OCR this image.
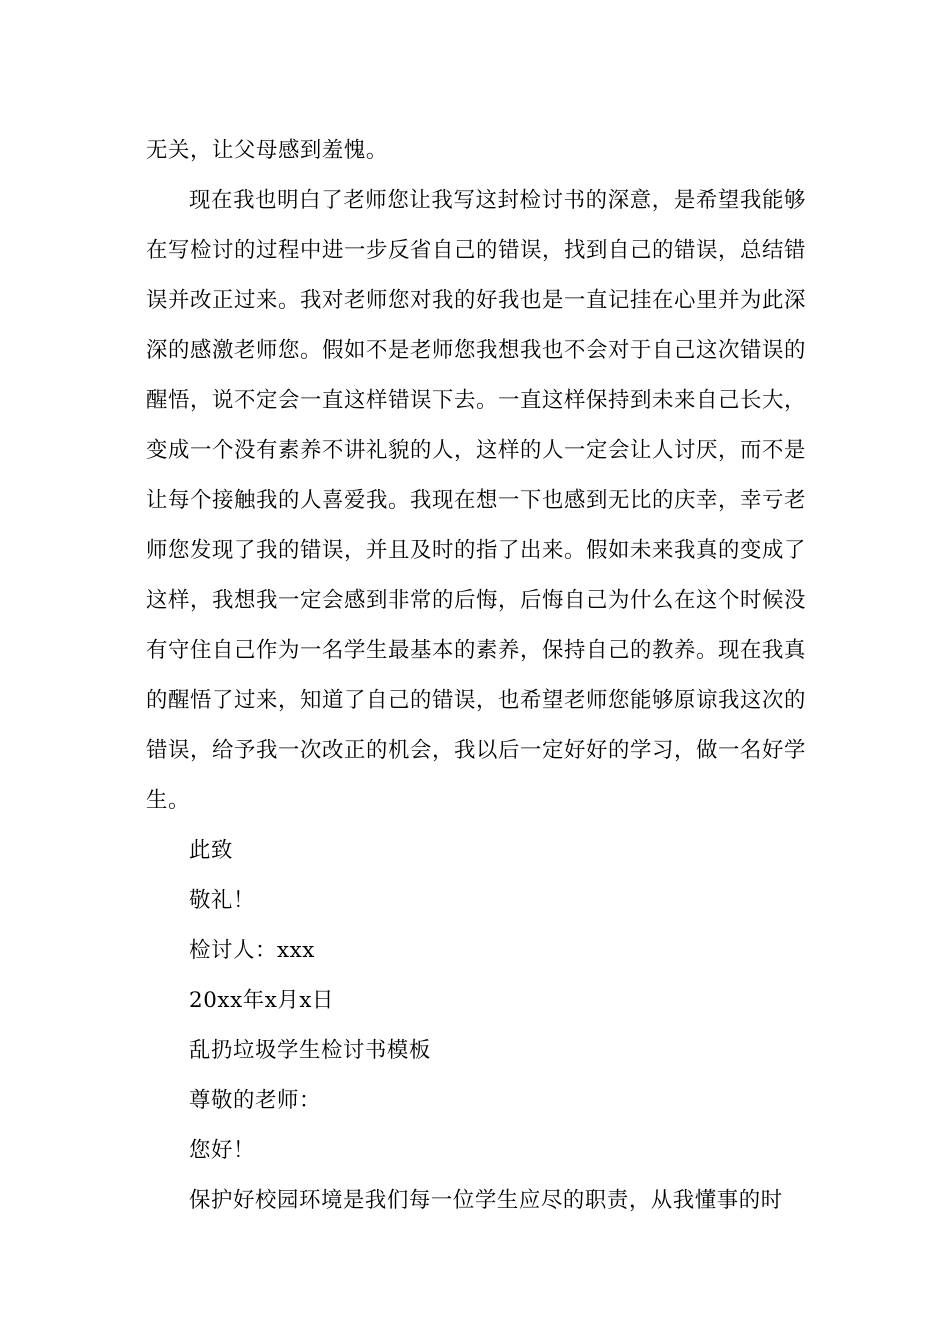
无关，让父母感到羞愧。

现在我也明白了老师您让我写这封检讨书的深意，是希望我能够在写检讨的过程中进一步反省自己的错误，找到自己的错误，总结错误并改正过来。我对老师您对我的好我也是一直记挂在心里并为此深深的感激老师您。假如不是老师您我想我也不会对于自己这次错误的醒悟，说不定会一直这样错误下去。一直这样保持到未来自己长大，变成一个没有素养不讲礼貌的人，这样的人一定会让人讨厌，而不是让每个接触我的人喜爱我。我现在想一下也感到无比的庆幸，幸亏老师您发现了我的错误，并且及时的指了出来。假如未来我真的变成了这样，我想我一定会感到非常的后悔，后悔自己为什么在这个时候没有守住自己作为一名学生最基本的素养，保持自己的教养。现在我真的醒悟了过来，知道了自己的错误，也希望老师您能够原谅我这次的错误，给予我一次改正的机会，我以后一定好好的学习，做一名好学生。

此致

敬礼！

检讨人：xxx

20xx年x月x日

乱扔垃圾学生检讨书模板

尊敬的老师：

您好！

保护好校园环境是我们每一位学生应尽的职责，从我懂事的时
